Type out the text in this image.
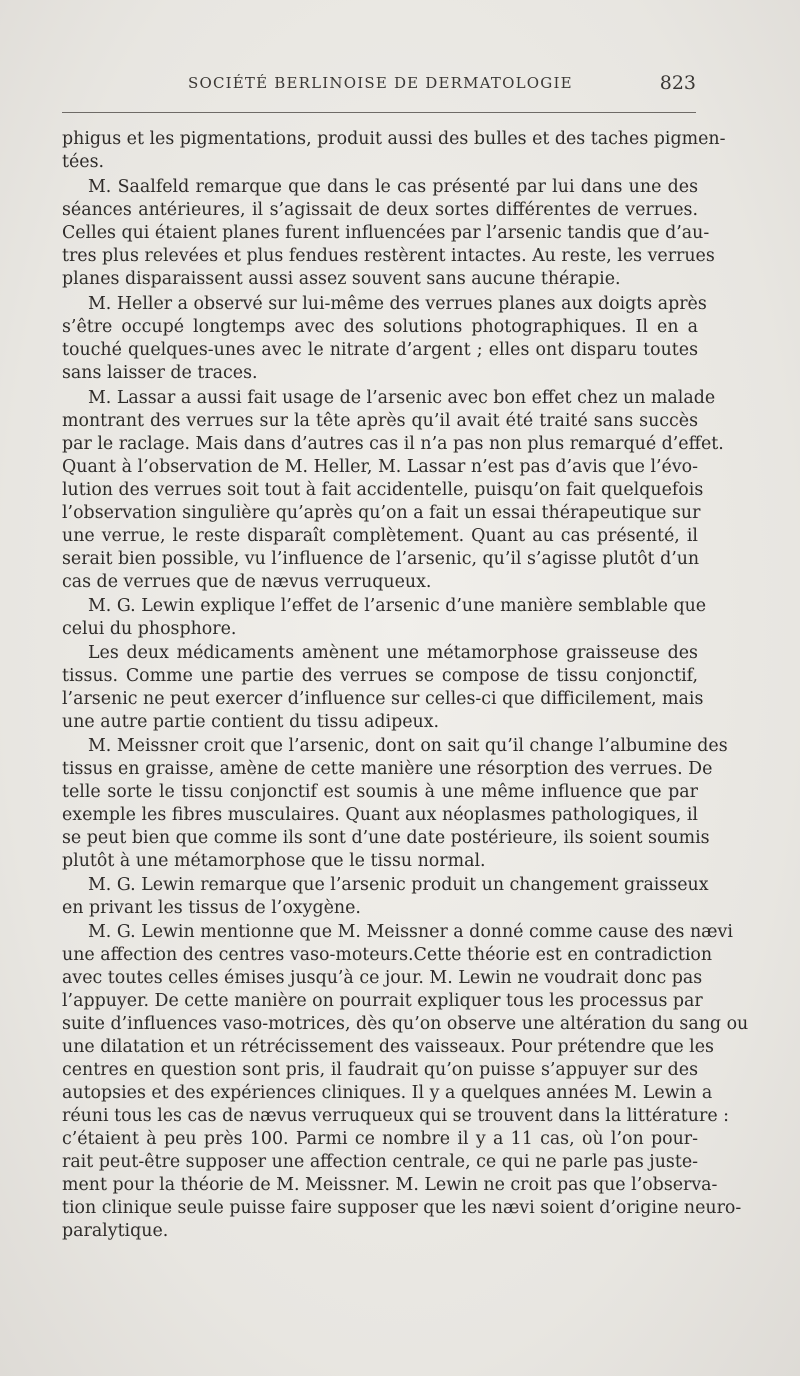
SOCIÉTÉ BERLINOISE DE DERMATOLOGIE	823
phigus et les pigmentations, produit aussi des bulles et des taches pigmen-
tées.
M. Saalfeld remarque que dans le cas présenté par lui dans une des
séances antérieures, il s’agissait de deux sortes différentes de verrues.
Celles qui étaient planes furent influencées par l’arsenic tandis que d’au-
tres plus relevées et plus fendues restèrent intactes. Au reste, les verrues
planes disparaissent aussi assez souvent sans aucune thérapie.
M. Heller a observé sur lui-même des verrues planes aux doigts après
s’être occupé longtemps avec des solutions photographiques. Il en a
touché quelques-unes avec le nitrate d’argent ; elles ont disparu toutes
sans laisser de traces.
M. Lassar a aussi fait usage de l’arsenic avec bon effet chez un malade
montrant des verrues sur la tête après qu’il avait été traité sans succès
par le raclage. Mais dans d’autres cas il n’a pas non plus remarqué d’effet.
Quant à l’observation de M. Heller, M. Lassar n’est pas d’avis que l’évo-
lution des verrues soit tout à fait accidentelle, puisqu’on fait quelquefois
l’observation singulière qu’après qu’on a fait un essai thérapeutique sur
une verrue, le reste disparaît complètement. Quant au cas présenté, il
serait bien possible, vu l’influence de l’arsenic, qu’il s’agisse plutôt d’un
cas de verrues que de nævus verruqueux.
M. G. Lewin explique l’effet de l’arsenic d’une manière semblable que
celui du phosphore.
Les deux médicaments amènent une métamorphose graisseuse des
tissus. Comme une partie des verrues se compose de tissu conjonctif,
l’arsenic ne peut exercer d’influence sur celles-ci que difficilement, mais
une autre partie contient du tissu adipeux.
M. Meissner croit que l’arsenic, dont on sait qu’il change l’albumine des
tissus en graisse, amène de cette manière une résorption des verrues. De
telle sorte le tissu conjonctif est soumis à une même influence que par
exemple les fibres musculaires. Quant aux néoplasmes pathologiques, il
se peut bien que comme ils sont d’une date postérieure, ils soient soumis
plutôt à une métamorphose que le tissu normal.
M. G. Lewin remarque que l’arsenic produit un changement graisseux
en privant les tissus de l’oxygène.
M. G. Lewin mentionne que M. Meissner a donné comme cause des nævi
une affection des centres vaso-moteurs.Cette théorie est en contradiction
avec toutes celles émises jusqu’à ce jour. M. Lewin ne voudrait donc pas
l’appuyer. De cette manière on pourrait expliquer tous les processus par
suite d’influences vaso-motrices, dès qu’on observe une altération du sang ou
une dilatation et un rétrécissement des vaisseaux. Pour prétendre que les
centres en question sont pris, il faudrait qu’on puisse s’appuyer sur des
autopsies et des expériences cliniques. Il y a quelques années M. Lewin a
réuni tous les cas de nævus verruqueux qui se trouvent dans la littérature :
c’étaient à peu près 100. Parmi ce nombre il y a 11 cas, où l’on pour-
rait peut-être supposer une affection centrale, ce qui ne parle pas juste-
ment pour la théorie de M. Meissner. M. Lewin ne croit pas que l’observa-
tion clinique seule puisse faire supposer que les nævi soient d’origine neuro-
paralytique.
